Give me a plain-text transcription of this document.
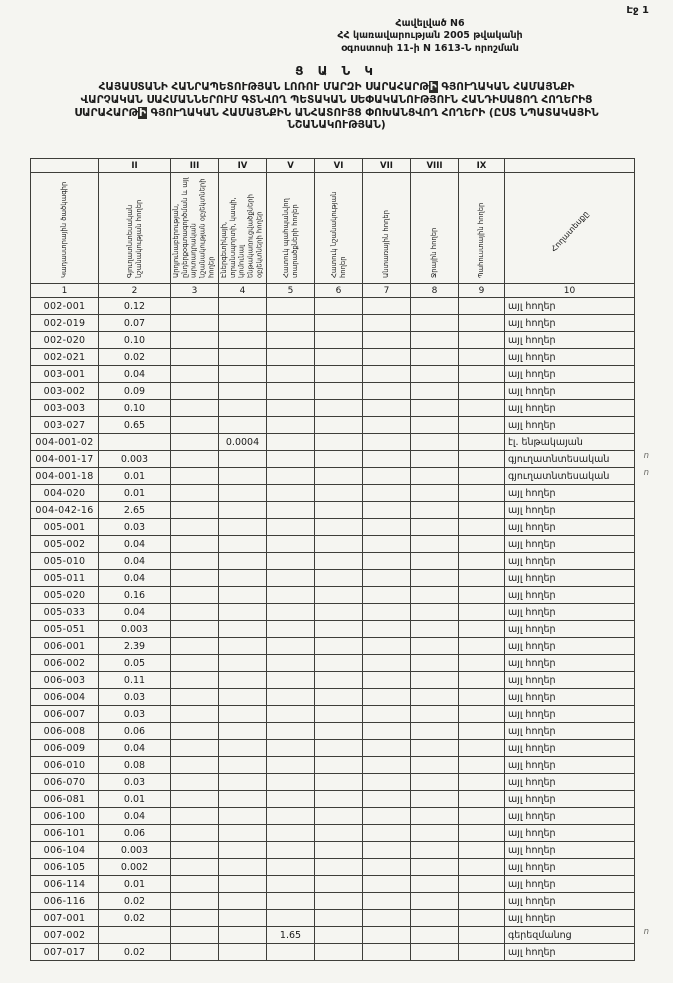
Էջ 1
Հավելված N6
ՀՀ կառավարության 2005 թվականի
օգոստոսի 11-ի N 1613-Ն որոշման
Ց Ա Ն Կ
ՀԱՅԱՍՏԱՆԻ ՀԱՆՐԱՊԵՏՈՒԹՅԱՆ ԼՈՌՈՒ ՄԱՐԶԻ ՍԱՐԱՀԱՐԹԻ ԳՅՈՒՂԱԿԱՆ ՀԱՄԱՅՆՔԻ
ՎԱՐՉԱԿԱՆ ՍԱՀՄԱՆՆԵՐՈՒՄ ԳՏՆՎՈՂ ՊԵՏԱԿԱՆ ՍԵՓԱԿԱՆՈՒԹՅՈՒՆ ՀԱՆԴԻՍԱՑՈՂ ՀՈՂԵՐԻՑ
ՍԱՐԱՀԱՐԹԻ ԳՅՈՒՂԱԿԱՆ ՀԱՄԱՅՆՔԻՆ ԱՆՀԱՏՈՒՅՑ ՓՈԽԱՆՑՎՈՂ ՀՈՂԵՐԻ (ԸՍՏ ՆՊԱՏԱԿԱՅԻՆ
ՆՇԱՆԱԿՈՒԹՅԱՆ)
	II	III	IV	V	VI	VII	VIII	IX	
Կադաստրային ծածկագիր	Գյուղատնտեսական նշանակության հողեր	Արդյունաբերության, ընդերքօգտագործման և այլ արտադրական նշանակության օբյեկտների հողեր	Էներգետիկայի, տրանսպորտի, կապի, կոմունալ ենթակառուցվածքների օբյեկտների հողեր	Հատուկ պահպանվող տարածքների հողեր	Հատուկ նշանակության հողեր	Անտառային հողեր	Ջրային հողեր	Պահուստային հողեր	Հողատեսքը
1	2	3	4	5	6	7	8	9	10
002-001	0.12								այլ հողեր
002-019	0.07								այլ հողեր
002-020	0.10								այլ հողեր
002-021	0.02								այլ հողեր
003-001	0.04								այլ հողեր
003-002	0.09								այլ հողեր
003-003	0.10								այլ հողեր
003-027	0.65								այլ հողեր
004-001-02			0.0004						էլ. ենթակայան
004-001-17	0.003								գյուղատնտեսական ո

004-001-18	0.01								գյուղատնտեսական ո

004-020	0.01								այլ հողեր
004-042-16	2.65								այլ հողեր
005-001	0.03								այլ հողեր
005-002	0.04								այլ հողեր
005-010	0.04								այլ հողեր
005-011	0.04								այլ հողեր
005-020	0.16								այլ հողեր
005-033	0.04								այլ հողեր
005-051	0.003								այլ հողեր
006-001	2.39								այլ հողեր
006-002	0.05								այլ հողեր
006-003	0.11								այլ հողեր
006-004	0.03								այլ հողեր
006-007	0.03								այլ հողեր
006-008	0.06								այլ հողեր
006-009	0.04								այլ հողեր
006-010	0.08								այլ հողեր
006-070	0.03								այլ հողեր
006-081	0.01								այլ հողեր
006-100	0.04								այլ հողեր
006-101	0.06								այլ հողեր
006-104	0.003								այլ հողեր
006-105	0.002								այլ հողեր
006-114	0.01								այլ հողեր
006-116	0.02								այլ հողեր
007-001	0.02								այլ հողեր
007-002				1.65					գերեզմանոց ո

007-017	0.02								այլ հողեր
